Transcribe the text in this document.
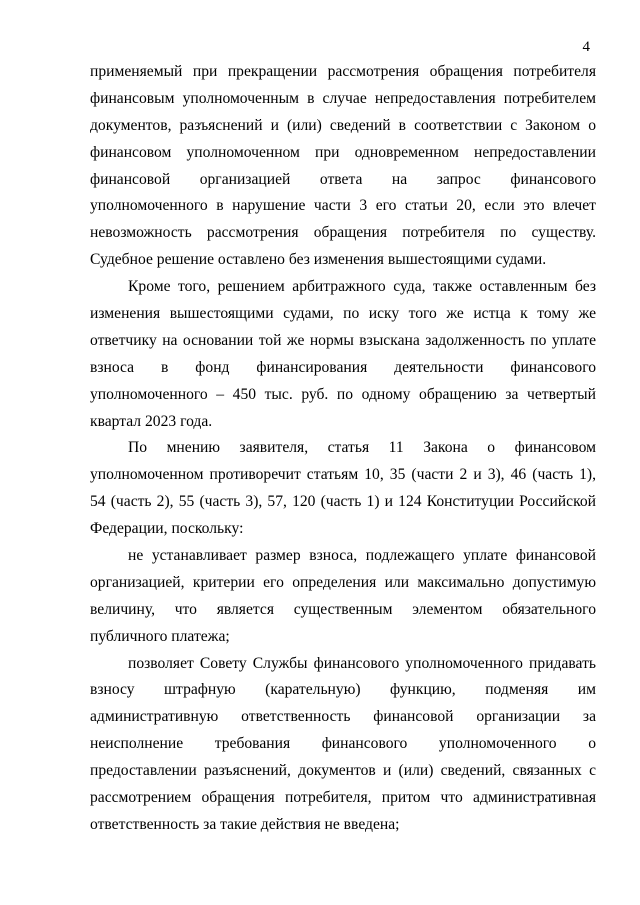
4
применяемый при прекращении рассмотрения обращения потребителя
финансовым уполномоченным в случае непредоставления потребителем
документов, разъяснений и (или) сведений в соответствии с Законом о
финансовом уполномоченном при одновременном непредоставлении
финансовой организацией ответа на запрос финансового
уполномоченного в нарушение части 3 его статьи 20, если это влечет
невозможность рассмотрения обращения потребителя по существу.
Судебное решение оставлено без изменения вышестоящими судами.
Кроме того, решением арбитражного суда, также оставленным без
изменения вышестоящими судами, по иску того же истца к тому же
ответчику на основании той же нормы взыскана задолженность по уплате
взноса в фонд финансирования деятельности финансового
уполномоченного – 450 тыс. руб. по одному обращению за четвертый
квартал 2023 года.
По мнению заявителя, статья 11 Закона о финансовом
уполномоченном противоречит статьям 10, 35 (части 2 и 3), 46 (часть 1),
54 (часть 2), 55 (часть 3), 57, 120 (часть 1) и 124 Конституции Российской
Федерации, поскольку:
не устанавливает размер взноса, подлежащего уплате финансовой
организацией, критерии его определения или максимально допустимую
величину, что является существенным элементом обязательного
публичного платежа;
позволяет Совету Службы финансового уполномоченного придавать
взносу штрафную (карательную) функцию, подменяя им
административную ответственность финансовой организации за
неисполнение требования финансового уполномоченного о
предоставлении разъяснений, документов и (или) сведений, связанных с
рассмотрением обращения потребителя, притом что административная
ответственность за такие действия не введена;
